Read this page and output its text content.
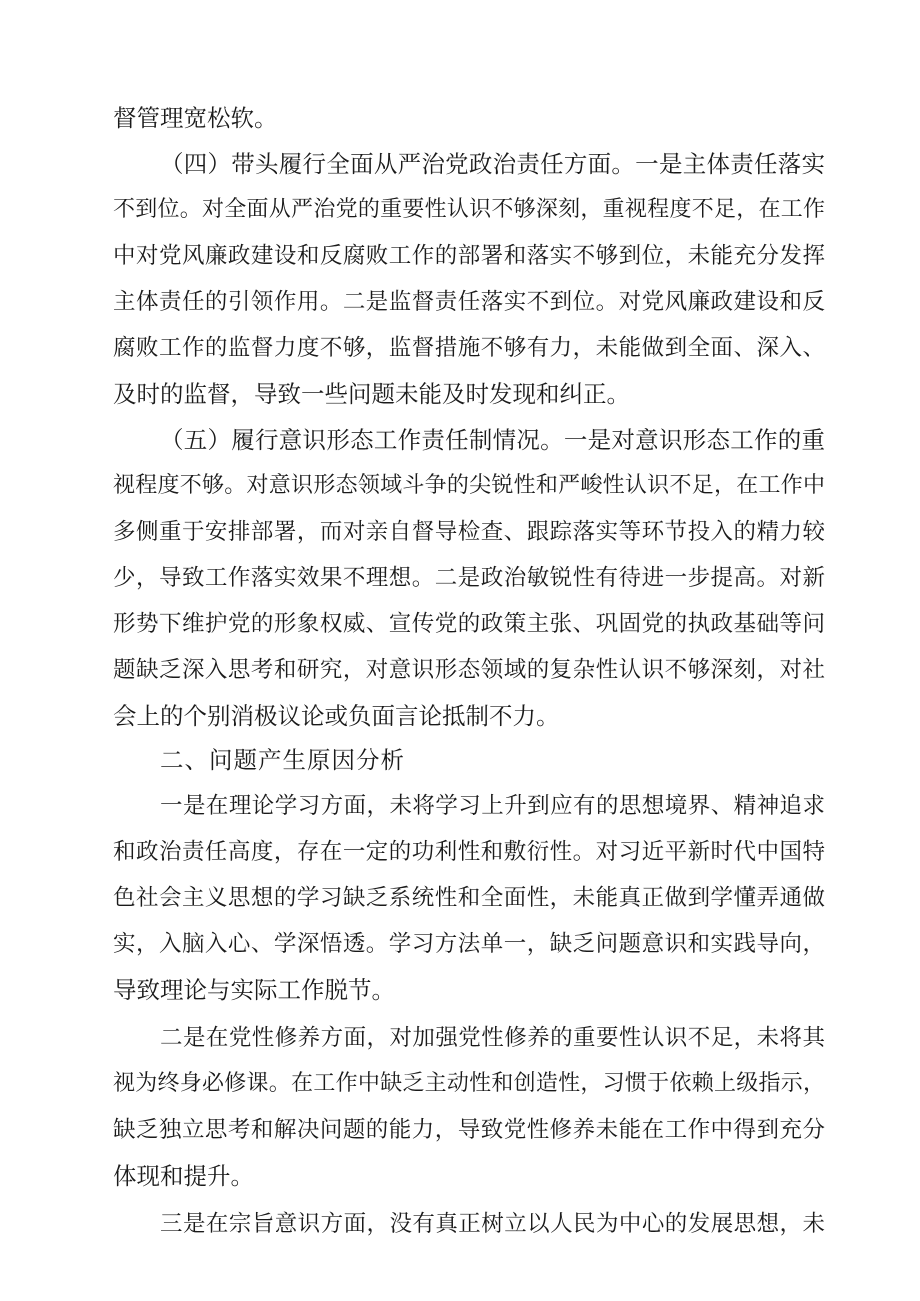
督管理宽松软。
（四）带头履行全面从严治党政治责任方面。一是主体责任落实
不到位。对全面从严治党的重要性认识不够深刻，重视程度不足，在工作
中对党风廉政建设和反腐败工作的部署和落实不够到位，未能充分发挥
主体责任的引领作用。二是监督责任落实不到位。对党风廉政建设和反
腐败工作的监督力度不够，监督措施不够有力，未能做到全面、深入、
及时的监督，导致一些问题未能及时发现和纠正。
（五）履行意识形态工作责任制情况。一是对意识形态工作的重
视程度不够。对意识形态领域斗争的尖锐性和严峻性认识不足，在工作中
多侧重于安排部署，而对亲自督导检查、跟踪落实等环节投入的精力较
少，导致工作落实效果不理想。二是政治敏锐性有待进一步提高。对新
形势下维护党的形象权威、宣传党的政策主张、巩固党的执政基础等问
题缺乏深入思考和研究，对意识形态领域的复杂性认识不够深刻，对社
会上的个别消极议论或负面言论抵制不力。
二、问题产生原因分析
一是在理论学习方面，未将学习上升到应有的思想境界、精神追求
和政治责任高度，存在一定的功利性和敷衍性。对习近平新时代中国特
色社会主义思想的学习缺乏系统性和全面性，未能真正做到学懂弄通做
实，入脑入心、学深悟透。学习方法单一，缺乏问题意识和实践导向，
导致理论与实际工作脱节。
二是在党性修养方面，对加强党性修养的重要性认识不足，未将其
视为终身必修课。在工作中缺乏主动性和创造性，习惯于依赖上级指示，
缺乏独立思考和解决问题的能力，导致党性修养未能在工作中得到充分
体现和提升。
三是在宗旨意识方面，没有真正树立以人民为中心的发展思想，未
